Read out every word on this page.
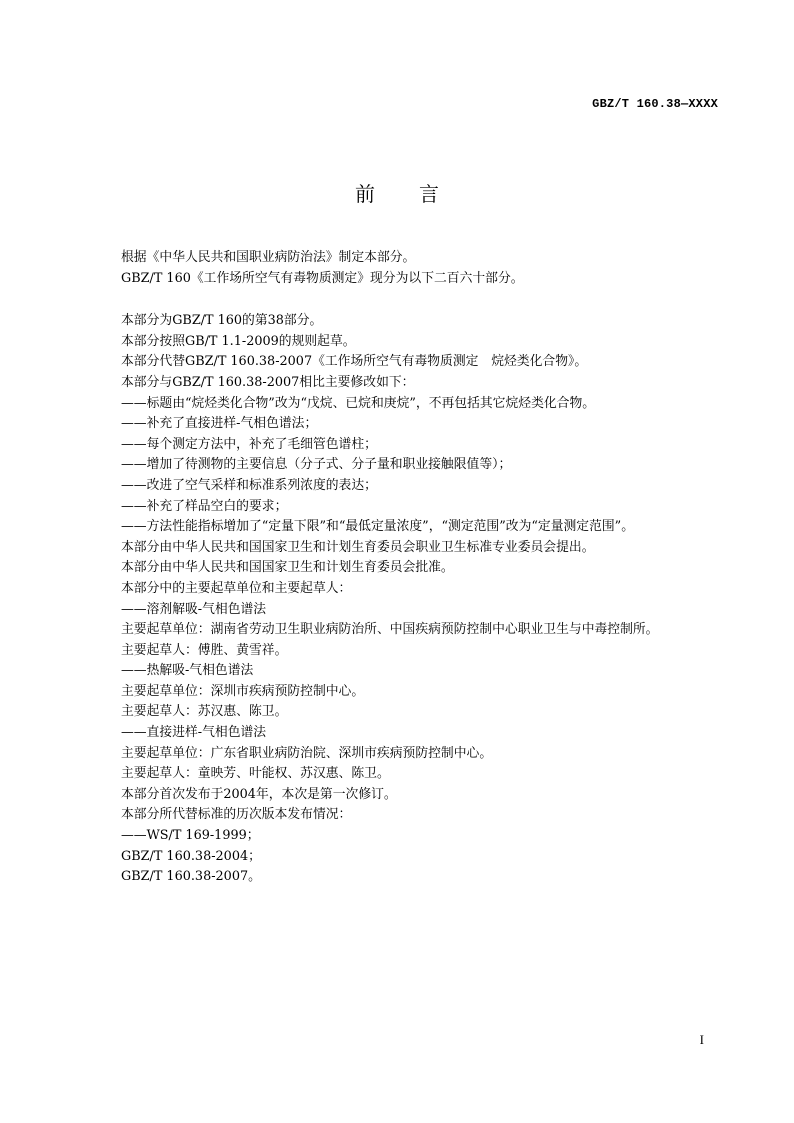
GBZ/T 160.38—XXXX
前言
根据《中华人民共和国职业病防治法》制定本部分。
GBZ/T 160《工作场所空气有毒物质测定》现分为以下二百六十部分。
本部分为GBZ/T 160的第38部分。
本部分按照GB/T 1.1-2009的规则起草。
本部分代替GBZ/T 160.38-2007《工作场所空气有毒物质测定　烷烃类化合物》。
本部分与GBZ/T 160.38-2007相比主要修改如下：
——标题由“烷烃类化合物”改为“戊烷、已烷和庚烷”，不再包括其它烷烃类化合物。
——补充了直接进样-气相色谱法；
——每个测定方法中，补充了毛细管色谱柱；
——增加了待测物的主要信息（分子式、分子量和职业接触限值等）；
——改进了空气采样和标准系列浓度的表达；
——补充了样品空白的要求；
——方法性能指标增加了“定量下限”和“最低定量浓度”，“测定范围”改为“定量测定范围”。
本部分由中华人民共和国国家卫生和计划生育委员会职业卫生标准专业委员会提出。
本部分由中华人民共和国国家卫生和计划生育委员会批准。
本部分中的主要起草单位和主要起草人：
——溶剂解吸-气相色谱法
主要起草单位：湖南省劳动卫生职业病防治所、中国疾病预防控制中心职业卫生与中毒控制所。
主要起草人：傅胜、黄雪祥。
——热解吸-气相色谱法
主要起草单位：深圳市疾病预防控制中心。
主要起草人：苏汉惠、陈卫。
——直接进样-气相色谱法
主要起草单位：广东省职业病防治院、深圳市疾病预防控制中心。
主要起草人：童映芳、叶能权、苏汉惠、陈卫。
本部分首次发布于2004年，本次是第一次修订。
本部分所代替标准的历次版本发布情况：
——WS/T 169-1999；
GBZ/T 160.38-2004；
GBZ/T 160.38-2007。
I
